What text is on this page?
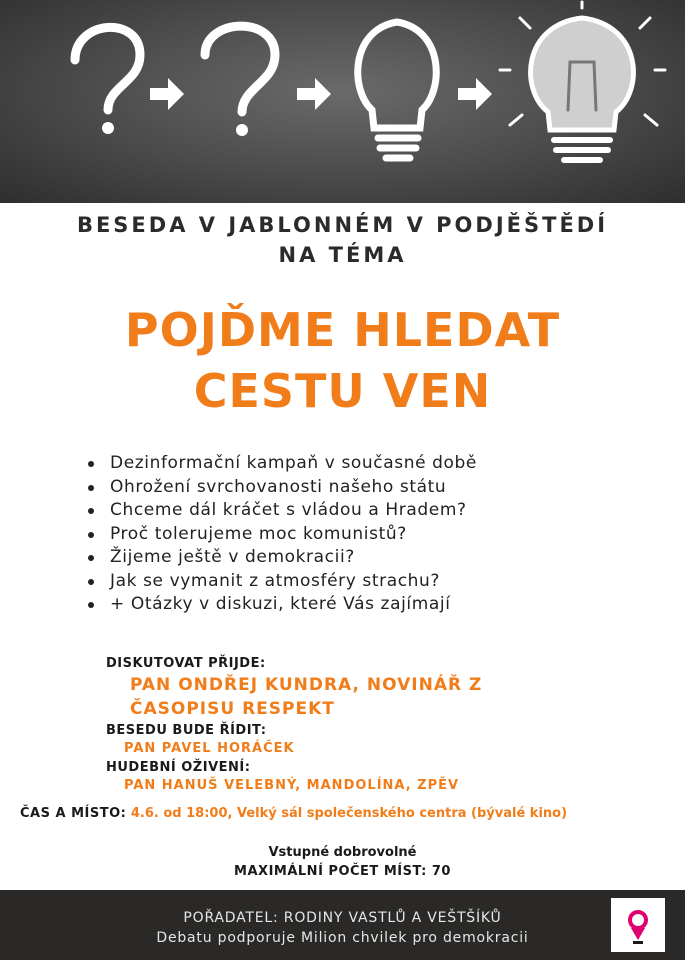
BESEDA V JABLONNÉM V PODJĚŠTĚDÍ
NA TÉMA
POJĎME HLEDAT
CESTU VEN
Dezinformační kampaň v současné době
Ohrožení svrchovanosti našeho státu
Chceme dál kráčet s vládou a Hradem?
Proč tolerujeme moc komunistů?
Žijeme ještě v demokracii?
Jak se vymanit z atmosféry strachu?
+ Otázky v diskuzi, které Vás zajímají
DISKUTOVAT PŘIJDE:
PAN ONDŘEJ KUNDRA, NOVINÁŘ Z
ČASOPISU RESPEKT
BESEDU BUDE ŘÍDIT:
PAN PAVEL HORÁČEK
HUDEBNÍ OŽIVENÍ:
PAN HANUŠ VELEBNÝ, MANDOLÍNA, ZPĚV
ČAS A MÍSTO: 4.6. od 18:00, Velký sál společenského centra (bývalé kino)
Vstupné dobrovolné
MAXIMÁLNÍ POČET MÍST: 70
POŘADATEL: RODINY VASTLŮ A VEŠTŠÍKŮ
Debatu podporuje Milion chvilek pro demokracii
